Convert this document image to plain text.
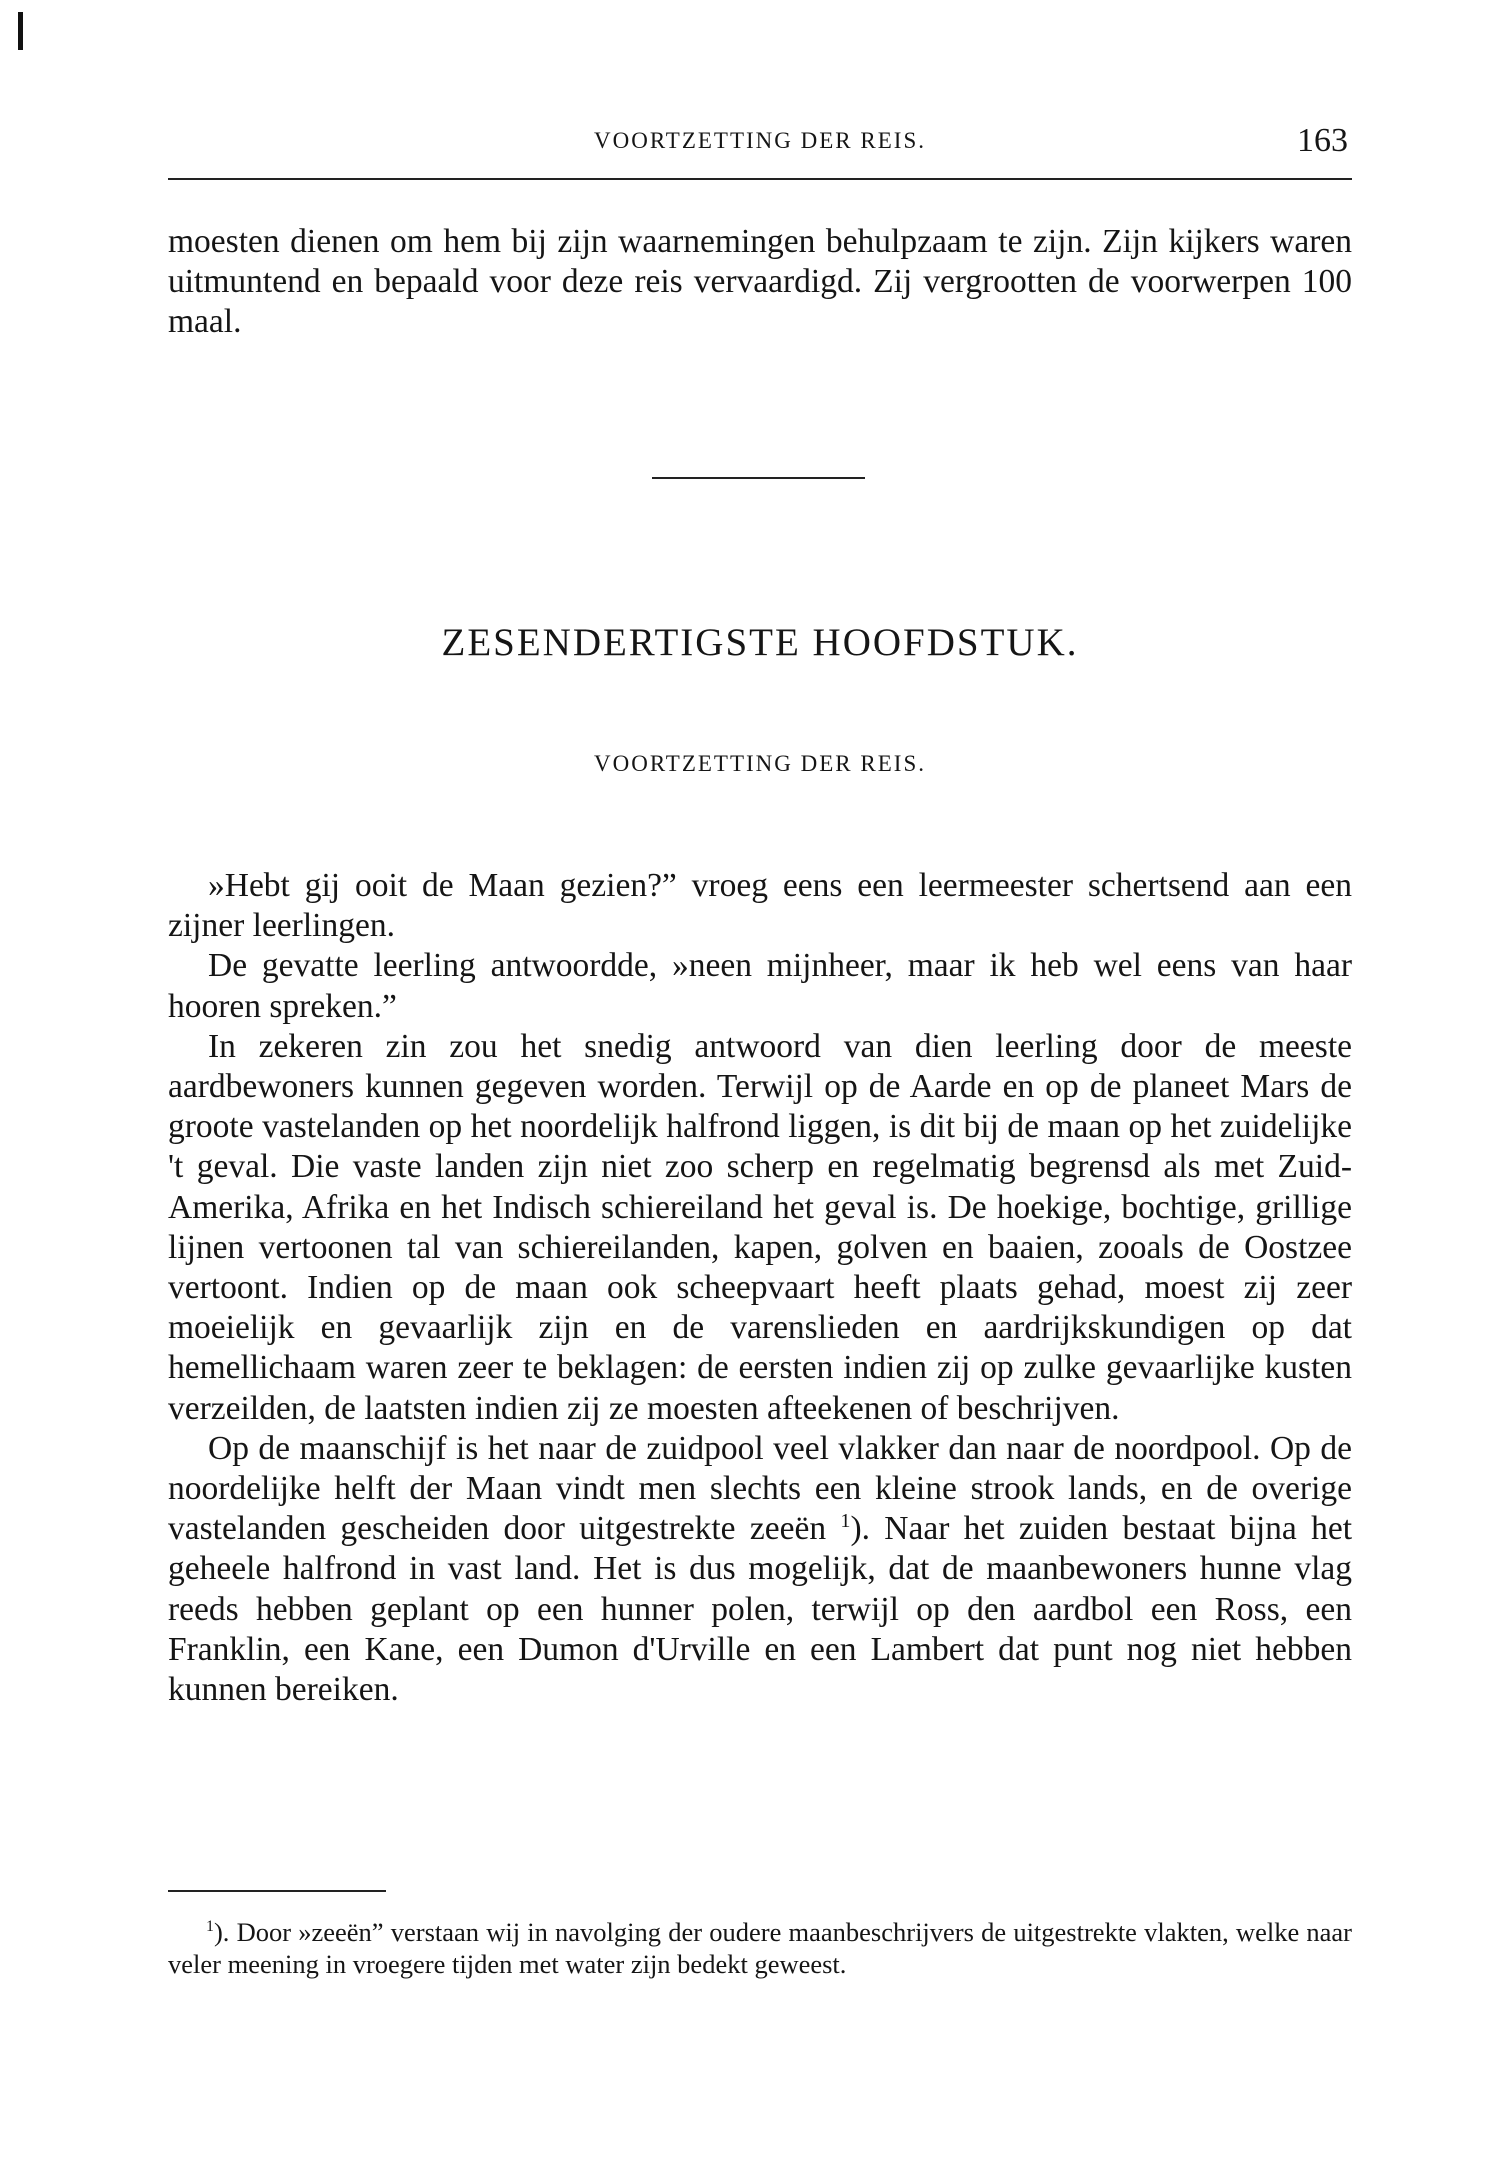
VOORTZETTING DER REIS.	163

moesten dienen om hem bij zijn waarnemingen behulpzaam te zijn. Zijn kijkers waren uitmuntend en bepaald voor deze reis vervaardigd. Zij vergrootten de voorwerpen 100 maal.

ZESENDERTIGSTE HOOFDSTUK.
VOORTZETTING DER REIS.

»Hebt gij ooit de Maan gezien?” vroeg eens een leermeester schertsend aan een zijner leerlingen.

De gevatte leerling antwoordde, »neen mijnheer, maar ik heb wel eens van haar hooren spreken.”

In zekeren zin zou het snedig antwoord van dien leerling door de meeste aardbewoners kunnen gegeven worden. Terwijl op de Aarde en op de planeet Mars de groote vastelanden op het noordelijk halfrond liggen, is dit bij de maan op het zuidelijke 't geval. Die vaste landen zijn niet zoo scherp en regelmatig begrensd als met Zuid-Amerika, Afrika en het Indisch schiereiland het geval is. De hoekige, bochtige, grillige lijnen vertoonen tal van schiereilanden, kapen, golven en baaien, zooals de Oostzee vertoont. Indien op de maan ook scheepvaart heeft plaats gehad, moest zij zeer moeielijk en gevaarlijk zijn en de varenslieden en aardrijkskundigen op dat hemellichaam waren zeer te beklagen: de eersten indien zij op zulke gevaarlijke kusten verzeilden, de laatsten indien zij ze moesten afteekenen of beschrijven.

Op de maanschijf is het naar de zuidpool veel vlakker dan naar de noordpool. Op de noordelijke helft der Maan vindt men slechts een kleine strook lands, en de overige vastelanden gescheiden door uitgestrekte zeeën $^1$). Naar het zuiden bestaat bijna het geheele halfrond in vast land. Het is dus mogelijk, dat de maanbewoners hunne vlag reeds hebben geplant op een hunner polen, terwijl op den aardbol een Ross, een Franklin, een Kane, een Dumon d'Urville en een Lambert dat punt nog niet hebben kunnen bereiken.

$^1$). Door »zeeën” verstaan wij in navolging der oudere maanbeschrijvers de uitgestrekte vlakten, welke naar veler meening in vroegere tijden met water zijn bedekt geweest.
